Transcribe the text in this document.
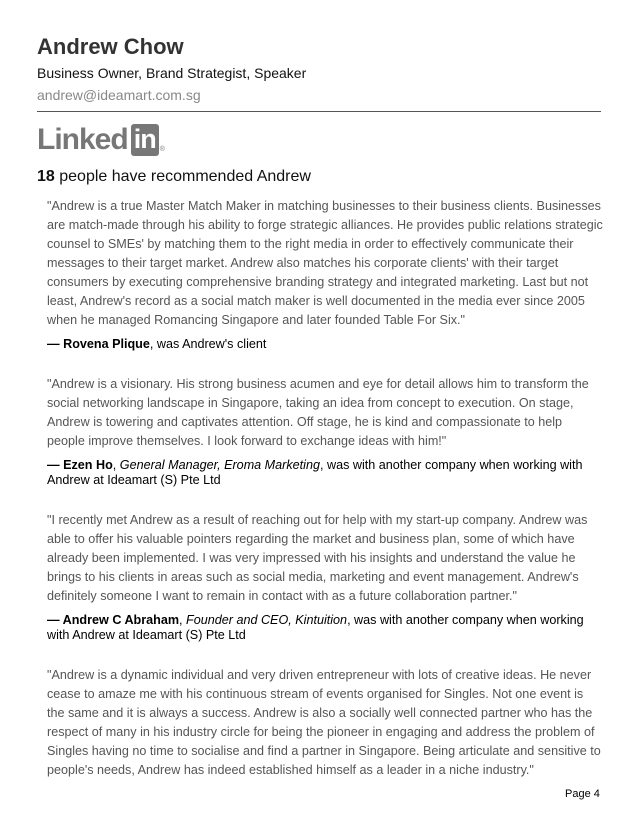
Andrew Chow
Business Owner, Brand Strategist, Speaker
andrew@ideamart.com.sg
Linked in ®
18 people have recommended Andrew

"Andrew is a true Master Match Maker in matching businesses to their business clients. Businesses are match-made through his ability to forge strategic alliances. He provides public relations strategic counsel to SMEs' by matching them to the right media in order to effectively communicate their messages to their target market. Andrew also matches his corporate clients' with their target consumers by executing comprehensive branding strategy and integrated marketing. Last but not least, Andrew's record as a social match maker is well documented in the media ever since 2005 when he managed Romancing Singapore and later founded Table For Six."

— Rovena Plique, was Andrew's client

"Andrew is a visionary. His strong business acumen and eye for detail allows him to transform the social networking landscape in Singapore, taking an idea from concept to execution. On stage, Andrew is towering and captivates attention. Off stage, he is kind and compassionate to help people improve themselves. I look forward to exchange ideas with him!"

— Ezen Ho, General Manager, Eroma Marketing, was with another company when working with Andrew at Ideamart (S) Pte Ltd

"I recently met Andrew as a result of reaching out for help with my start-up company. Andrew was able to offer his valuable pointers regarding the market and business plan, some of which have already been implemented. I was very impressed with his insights and understand the value he brings to his clients in areas such as social media, marketing and event management. Andrew's definitely someone I want to remain in contact with as a future collaboration partner."

— Andrew C Abraham, Founder and CEO, Kintuition, was with another company when working with Andrew at Ideamart (S) Pte Ltd

"Andrew is a dynamic individual and very driven entrepreneur with lots of creative ideas. He never cease to amaze me with his continuous stream of events organised for Singles. Not one event is the same and it is always a success. Andrew is also a socially well connected partner who has the respect of many in his industry circle for being the pioneer in engaging and address the problem of Singles having no time to socialise and find a partner in Singapore. Being articulate and sensitive to people's needs, Andrew has indeed established himself as a leader in a niche industry."

Page 4
